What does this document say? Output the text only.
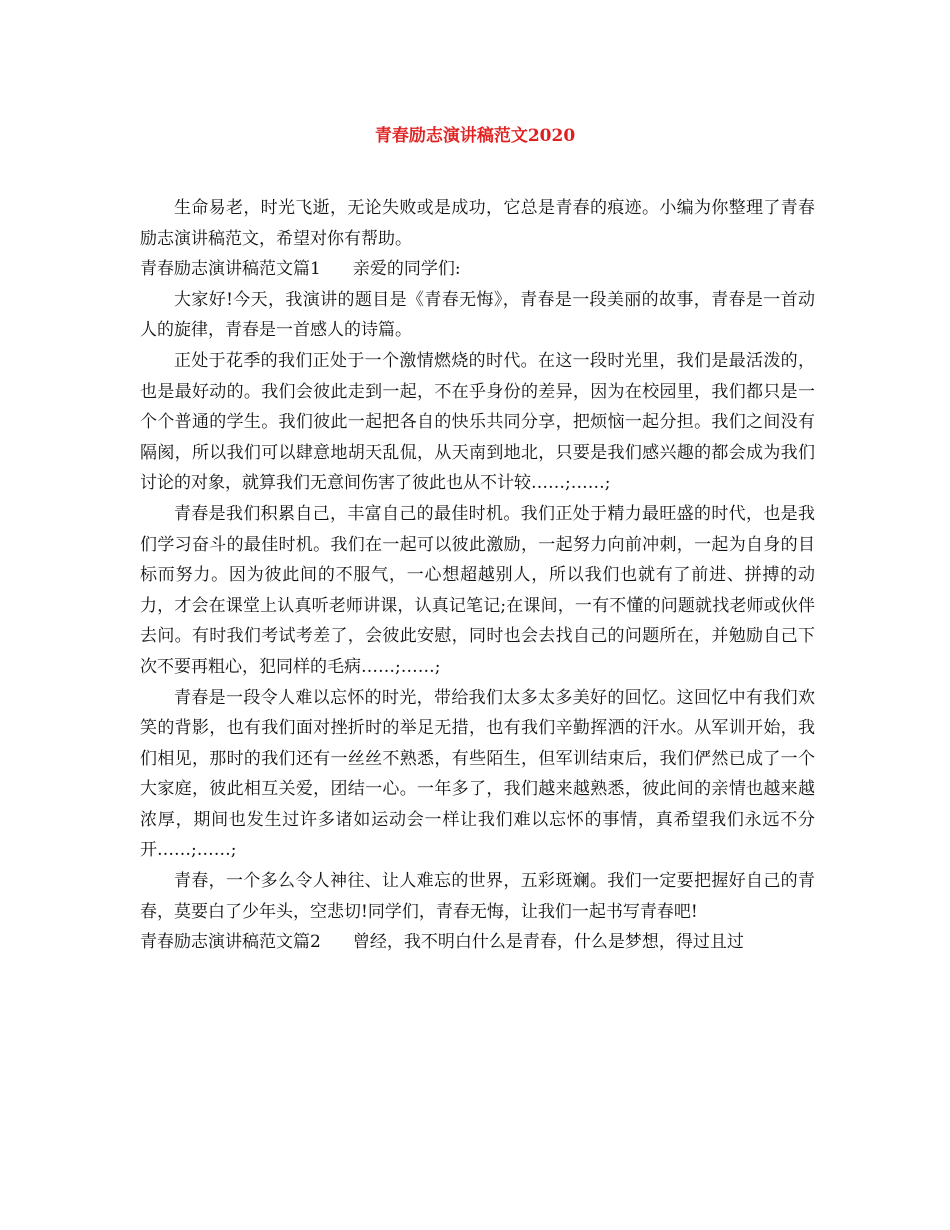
青春励志演讲稿范文2020

生命易老，时光飞逝，无论失败或是成功，它总是青春的痕迹。小编为你整理了青春励志演讲稿范文，希望对你有帮助。

青春励志演讲稿范文篇1 亲爱的同学们:

大家好!今天，我演讲的题目是《青春无悔》，青春是一段美丽的故事，青春是一首动人的旋律，青春是一首感人的诗篇。

正处于花季的我们正处于一个激情燃烧的时代。在这一段时光里，我们是最活泼的，也是最好动的。我们会彼此走到一起，不在乎身份的差异，因为在校园里，我们都只是一个个普通的学生。我们彼此一起把各自的快乐共同分享，把烦恼一起分担。我们之间没有隔阂，所以我们可以肆意地胡天乱侃，从天南到地北，只要是我们感兴趣的都会成为我们讨论的对象，就算我们无意间伤害了彼此也从不计较……;……;

青春是我们积累自己，丰富自己的最佳时机。我们正处于精力最旺盛的时代，也是我们学习奋斗的最佳时机。我们在一起可以彼此激励，一起努力向前冲刺，一起为自身的目标而努力。因为彼此间的不服气，一心想超越别人，所以我们也就有了前进、拼搏的动力，才会在课堂上认真听老师讲课，认真记笔记;在课间，一有不懂的问题就找老师或伙伴去问。有时我们考试考差了，会彼此安慰，同时也会去找自己的问题所在，并勉励自己下次不要再粗心，犯同样的毛病……;……;

青春是一段令人难以忘怀的时光，带给我们太多太多美好的回忆。这回忆中有我们欢笑的背影，也有我们面对挫折时的举足无措，也有我们辛勤挥洒的汗水。从军训开始，我们相见，那时的我们还有一丝丝不熟悉，有些陌生，但军训结束后，我们俨然已成了一个大家庭，彼此相互关爱，团结一心。一年多了，我们越来越熟悉，彼此间的亲情也越来越浓厚，期间也发生过许多诸如运动会一样让我们难以忘怀的事情，真希望我们永远不分开……;……;

青春，一个多么令人神往、让人难忘的世界，五彩斑斓。我们一定要把握好自己的青春，莫要白了少年头，空悲切!同学们，青春无悔，让我们一起书写青春吧!

青春励志演讲稿范文篇2 曾经，我不明白什么是青春，什么是梦想，得过且过
